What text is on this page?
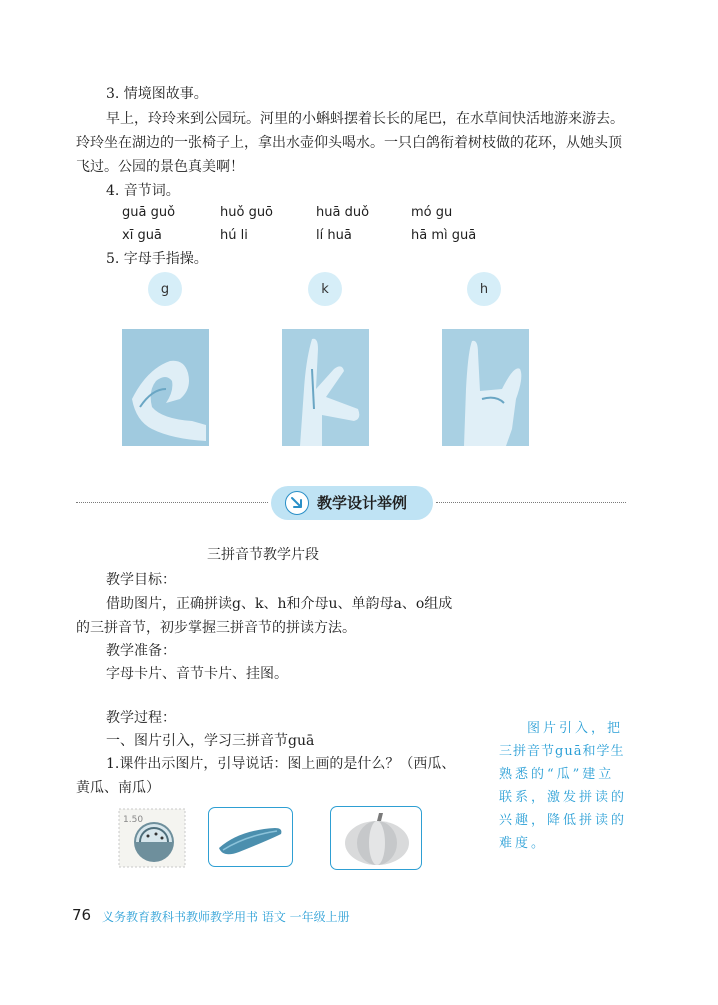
3. 情境图故事。
早上，玲玲来到公园玩。河里的小蝌蚪摆着长长的尾巴，在水草间快活地游来游去。
玲玲坐在湖边的一张椅子上，拿出水壶仰头喝水。一只白鸽衔着树枝做的花环，从她头顶
飞过。公园的景色真美啊！
4. 音节词。
guā guǒ	huǒ guō	huā duǒ	mó gu
xī guā	hú li	lí huā	hā mì guā
5. 字母手指操。
g	k	h
教学设计举例
三拼音节教学片段
教学目标：
借助图片，正确拼读g、k、h和介母u、单韵母a、o组成
的三拼音节，初步掌握三拼音节的拼读方法。
教学准备：
字母卡片、音节卡片、挂图。
教学过程：
一、图片引入，学习三拼音节guā
1.课件出示图片，引导说话：图上画的是什么？（西瓜、
黄瓜、南瓜）
图片引入，把
三拼音节guā和学生
熟悉的“瓜”建立
联系，激发拼读的
兴趣，降低拼读的
难度。
1.50
76 义务教育教科书教师教学用书 语文 一年级上册
